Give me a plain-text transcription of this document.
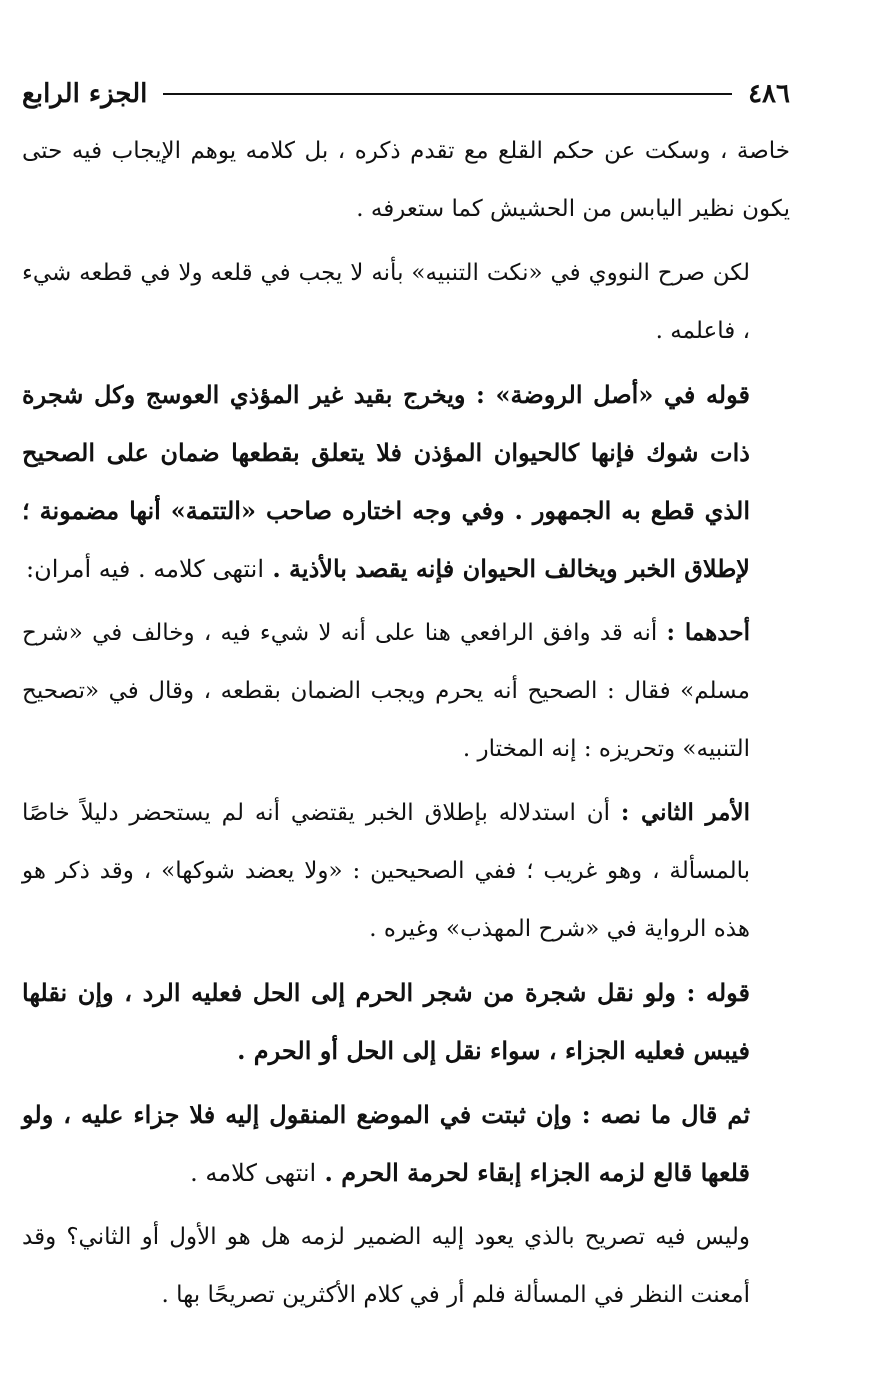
٤٨٦
الجزء الرابع

خاصة ، وسكت عن حكم القلع مع تقدم ذكره ، بل كلامه يوهم الإيجاب فيه حتى يكون نظير اليابس من الحشيش كما ستعرفه .

لكن صرح النووي في «نكت التنبيه» بأنه لا يجب في قلعه ولا في قطعه شيء ، فاعلمه .

قوله في «أصل الروضة» : ويخرج بقيد غير المؤذي العوسج وكل شجرة ذات شوك فإنها كالحيوان المؤذن فلا يتعلق بقطعها ضمان على الصحيح الذي قطع به الجمهور . وفي وجه اختاره صاحب «التتمة» أنها مضمونة ؛ لإطلاق الخبر ويخالف الحيوان فإنه يقصد بالأذية . انتهى كلامه . فيه أمران:

أحدهما : أنه قد وافق الرافعي هنا على أنه لا شيء فيه ، وخالف في «شرح مسلم» فقال : الصحيح أنه يحرم ويجب الضمان بقطعه ، وقال في «تصحيح التنبيه» وتحريزه : إنه المختار .

الأمر الثاني : أن استدلاله بإطلاق الخبر يقتضي أنه لم يستحضر دليلاً خاصًا بالمسألة ، وهو غريب ؛ ففي الصحيحين : «ولا يعضد شوكها» ، وقد ذكر هو هذه الرواية في «شرح المهذب» وغيره .

قوله : ولو نقل شجرة من شجر الحرم إلى الحل فعليه الرد ، وإن نقلها فيبس فعليه الجزاء ، سواء نقل إلى الحل أو الحرم .

ثم قال ما نصه : وإن ثبتت في الموضع المنقول إليه فلا جزاء عليه ، ولو قلعها قالع لزمه الجزاء إبقاء لحرمة الحرم . انتهى كلامه .

وليس فيه تصريح بالذي يعود إليه الضمير لزمه هل هو الأول أو الثاني؟ وقد أمعنت النظر في المسألة فلم أر في كلام الأكثرين تصريحًا بها .
